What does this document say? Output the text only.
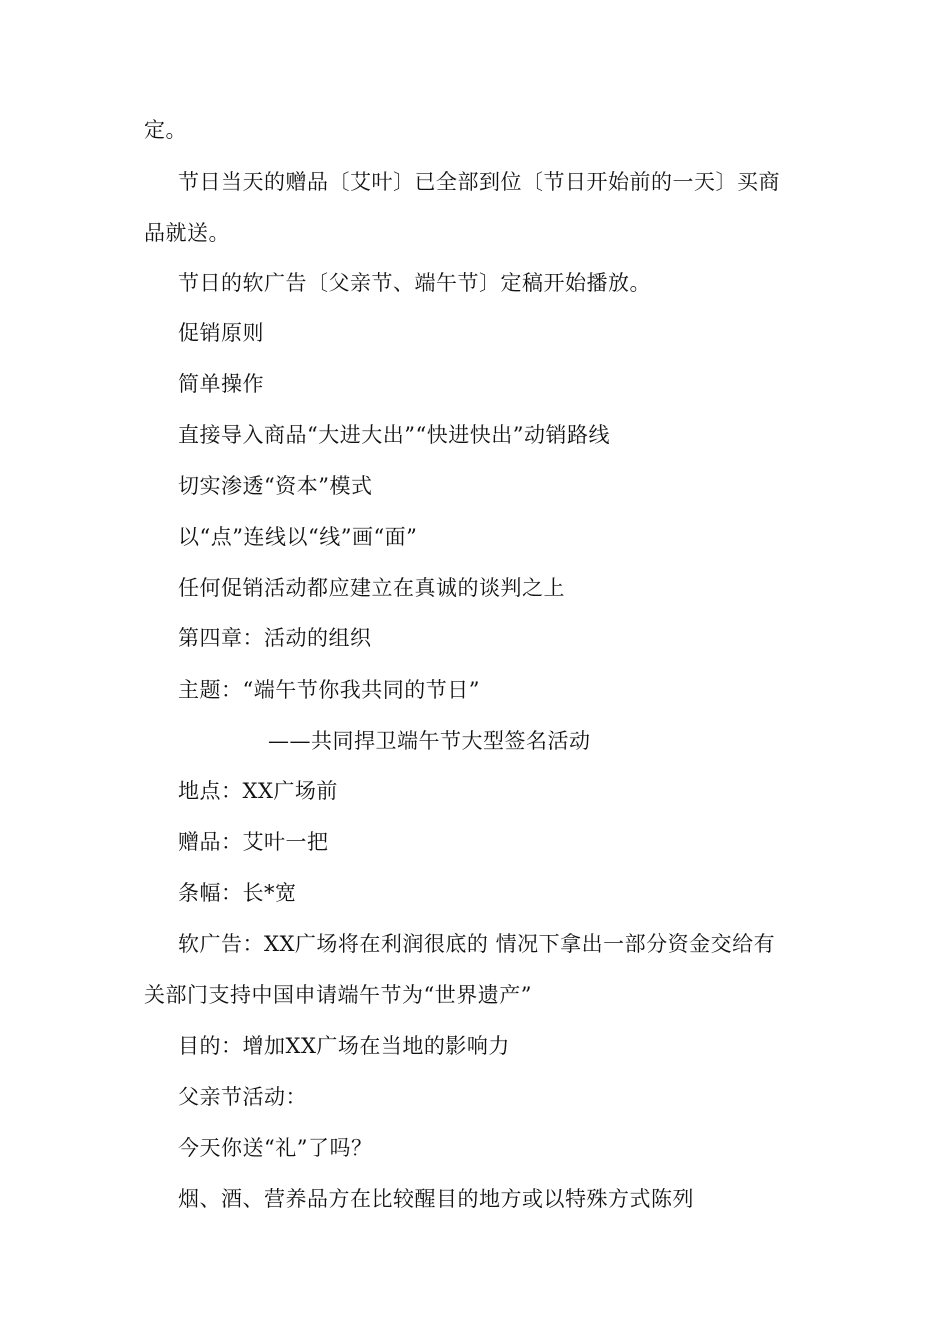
定。
节日当天的赠品〔艾叶〕已全部到位〔节日开始前的一天〕买商
品就送。
节日的软广告〔父亲节、端午节〕定稿开始播放。
促销原则
简单操作
直接导入商品“大进大出”“快进快出”动销路线
切实渗透“资本”模式
以“点”连线以“线”画“面”
任何促销活动都应建立在真诚的谈判之上
第四章：活动的组织
主题：“端午节你我共同的节日”
——共同捍卫端午节大型签名活动
地点：XX广场前
赠品：艾叶一把
条幅：长*宽
软广告：XX广场将在利润很底的 情况下拿出一部分资金交给有
关部门支持中国申请端午节为“世界遗产”
目的：增加XX广场在当地的影响力
父亲节活动：
今天你送“礼”了吗？
烟、酒、营养品方在比较醒目的地方或以特殊方式陈列
